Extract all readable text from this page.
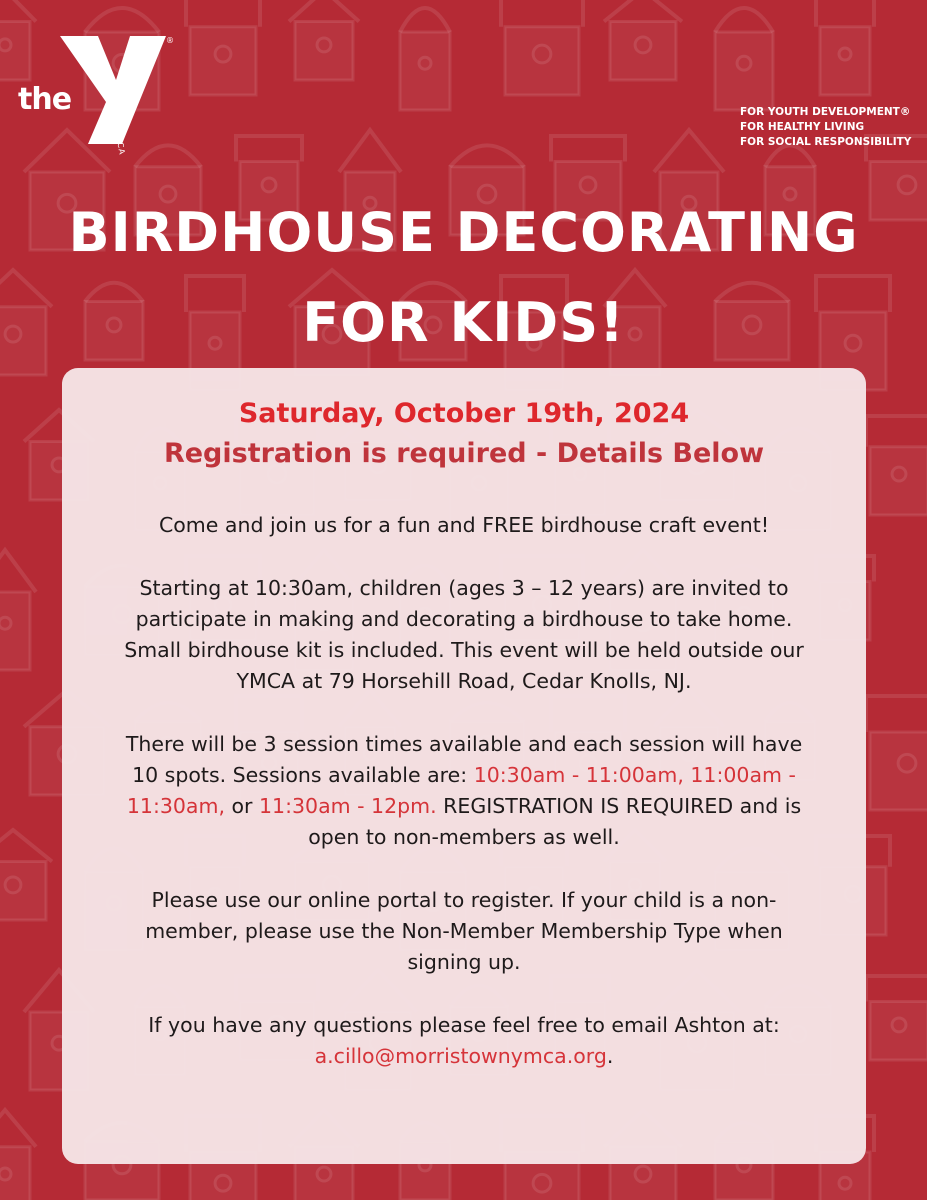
the
YMCA
®
FOR YOUTH DEVELOPMENT®
FOR HEALTHY LIVING
FOR SOCIAL RESPONSIBILITY
BIRDHOUSE DECORATING
FOR KIDS!
Saturday, October 19th, 2024
Registration is required - Details Below
Come and join us for a fun and FREE birdhouse craft event!
Starting at 10:30am, children (ages 3 – 12 years) are invited to participate in making and decorating a birdhouse to take home. Small birdhouse kit is included. This event will be held outside our YMCA at 79 Horsehill Road, Cedar Knolls, NJ.
There will be 3 session times available and each session will have 10 spots. Sessions available are: 10:30am - 11:00am, 11:00am - 11:30am, or 11:30am - 12pm. REGISTRATION IS REQUIRED and is open to non-members as well.
Please use our online portal to register. If your child is a non-member, please use the Non-Member Membership Type when signing up.
If you have any questions please feel free to email Ashton at:
a.cillo@morristownymca.org.
